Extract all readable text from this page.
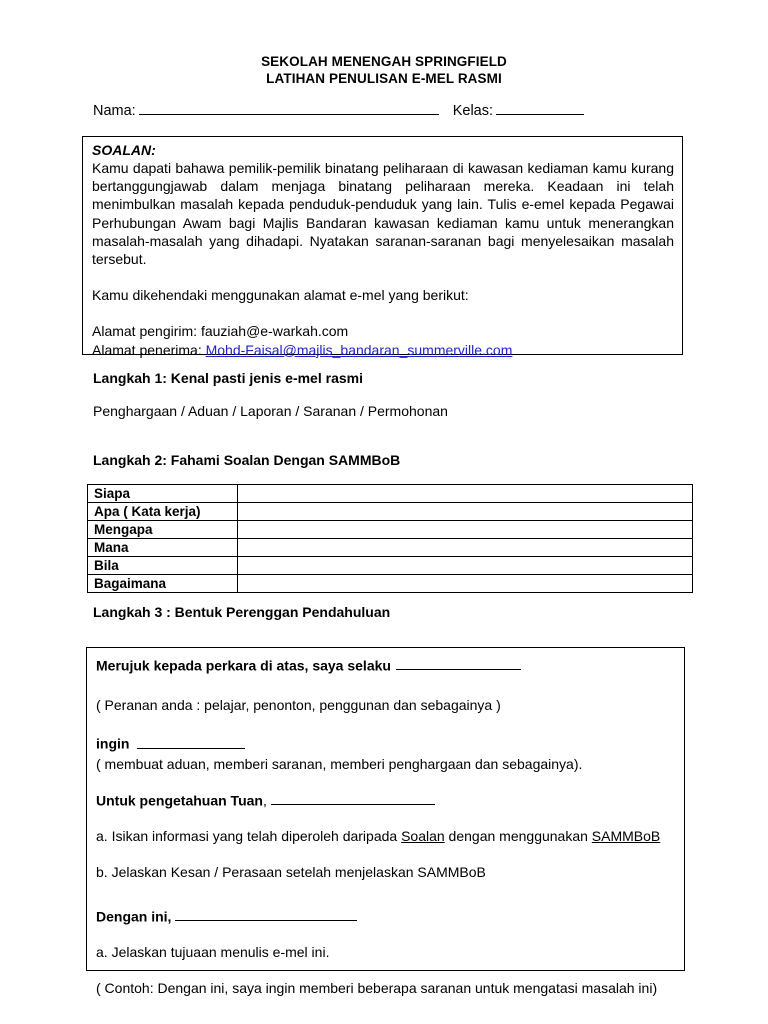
SEKOLAH MENENGAH SPRINGFIELD
LATIHAN PENULISAN E-MEL RASMI
Nama:	Kelas:
SOALAN:
Kamu dapati bahawa pemilik-pemilik binatang peliharaan di kawasan kediaman kamu kurang bertanggungjawab dalam menjaga binatang peliharaan mereka. Keadaan ini telah menimbulkan masalah kepada penduduk-penduduk yang lain. Tulis e-emel kepada Pegawai Perhubungan Awam bagi Majlis Bandaran kawasan kediaman kamu untuk menerangkan masalah-masalah yang dihadapi. Nyatakan saranan-saranan bagi menyelesaikan masalah tersebut.
Kamu dikehendaki menggunakan alamat e-mel yang berikut:
Alamat pengirim: fauziah@e-warkah.com
Alamat penerima: Mohd-Faisal@majlis_bandaran_summerville.com
Langkah 1: Kenal pasti jenis e-mel rasmi
Penghargaan / Aduan / Laporan / Saranan / Permohonan
Langkah 2: Fahami Soalan Dengan SAMMBoB
Siapa	
Apa ( Kata kerja)	
Mengapa	
Mana	
Bila	
Bagaimana	
Langkah 3 : Bentuk Perenggan Pendahuluan
Merujuk kepada perkara di atas, saya selaku
( Peranan anda : pelajar, penonton, penggunan dan sebagainya )
ingin
( membuat aduan, memberi saranan, memberi penghargaan dan sebagainya).
Untuk pengetahuan Tuan,
a. Isikan informasi yang telah diperoleh daripada Soalan dengan menggunakan SAMMBoB
b. Jelaskan Kesan / Perasaan setelah menjelaskan SAMMBoB
Dengan ini,
a. Jelaskan tujuaan menulis e-mel ini.
( Contoh: Dengan ini, saya ingin memberi beberapa saranan untuk mengatasi masalah ini)
